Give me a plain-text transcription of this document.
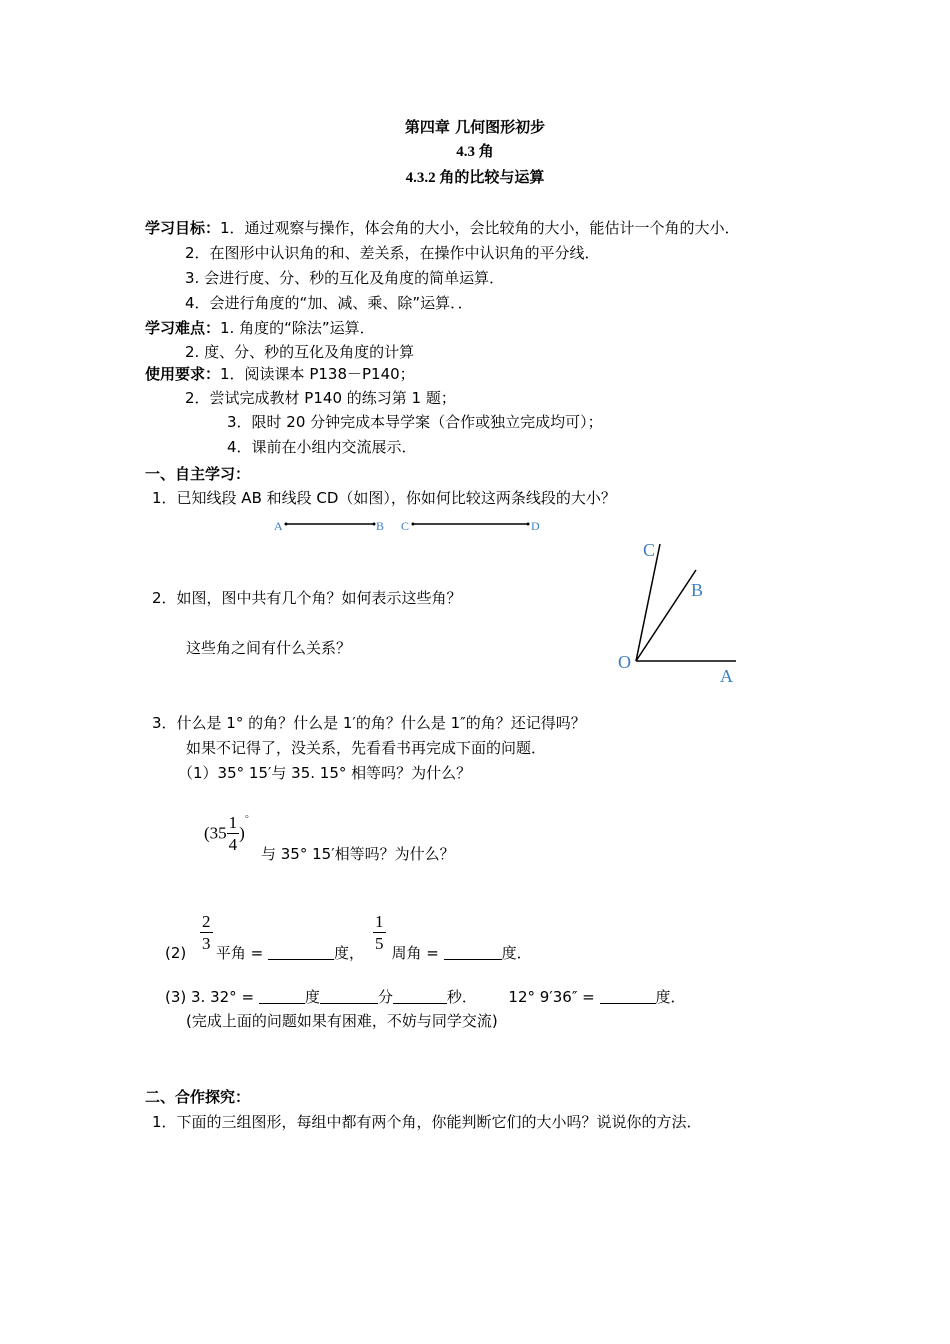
第四章 几何图形初步
4.3 角
4.3.2 角的比较与运算
学习目标：1．通过观察与操作，体会角的大小，会比较角的大小，能估计一个角的大小．
2．在图形中认识角的和、差关系，在操作中认识角的平分线．
3. 会进行度、分、秒的互化及角度的简单运算．
4．会进行角度的“加、减、乘、除”运算．．
学习难点：1. 角度的“除法”运算．
2. 度、分、秒的互化及角度的计算
使用要求：1．阅读课本 P138－P140；
2．尝试完成教材 P140 的练习第 1 题；
3．限时 20 分钟完成本导学案（合作或独立完成均可）；
4．课前在小组内交流展示．
一、自主学习：
1．已知线段 AB 和线段 CD（如图），你如何比较这两条线段的大小？
A	B C	D
C
B
O
A
2．如图，图中共有几个角？如何表示这些角？
这些角之间有什么关系？
3．什么是 1° 的角？什么是 1′的角？什么是 1″的角？还记得吗？
如果不记得了，没关系，先看看书再完成下面的问题．
（1）35° 15′与 35. 15° 相等吗？为什么？
$(35 \frac{1}{4} )^\circ$
与 35° 15′相等吗？为什么？
$\frac{2}{3}$	$\frac{1}{5}$
(2) 平角 =	度， 周角 =	度．
(3) 3. 32° =	度	分	秒． 12° 9′36″ =	度．
(完成上面的问题如果有困难，不妨与同学交流)
二、合作探究：
1．下面的三组图形，每组中都有两个角，你能判断它们的大小吗？说说你的方法．
